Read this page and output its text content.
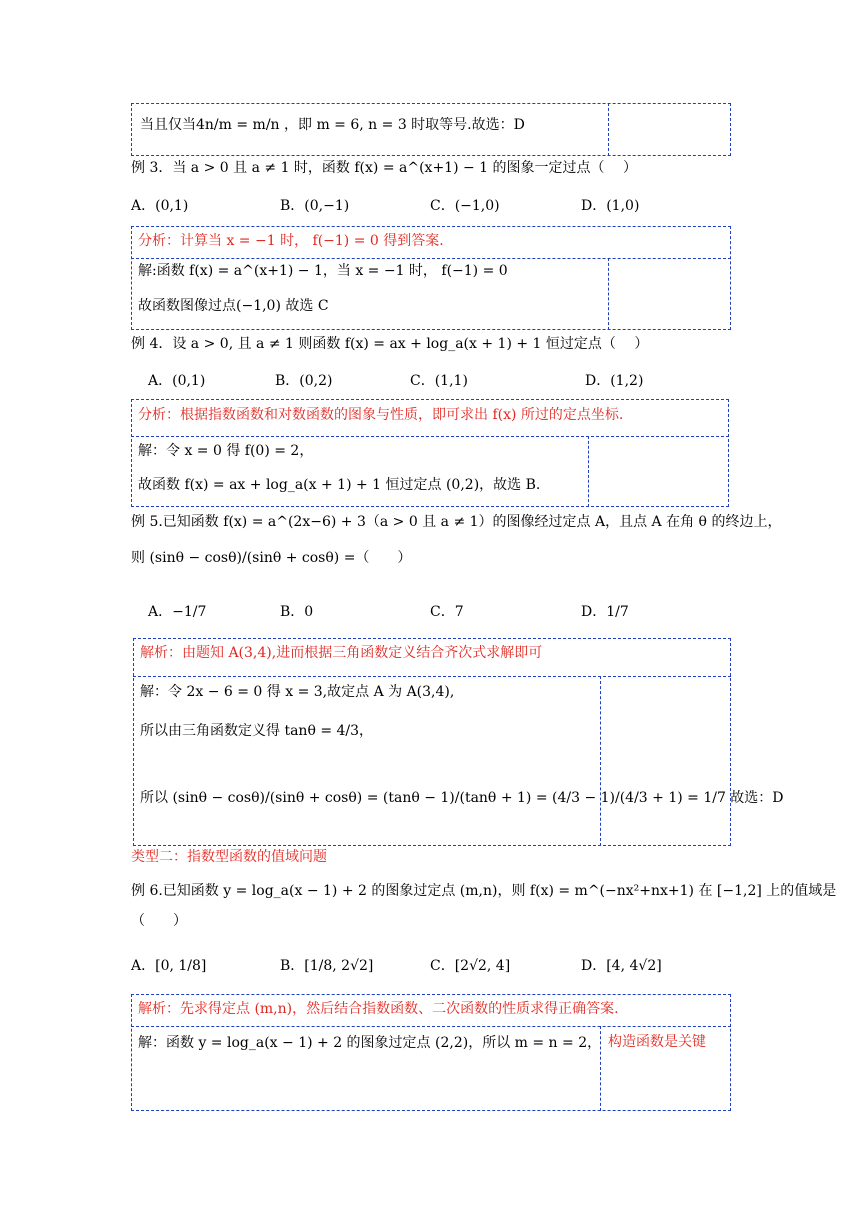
当且仅当4n/m = m/n ，即 m = 6, n = 3 时取等号.故选：D
例 3．当 a > 0 且 a ≠ 1 时，函数 f(x) = a^(x+1) − 1 的图象一定过点（　 ）
A．(0,1)	B．(0,−1)	C．(−1,0)	D．(1,0)
分析：计算当 x = −1 时， f(−1) = 0 得到答案.
解:函数 f(x) = a^(x+1) − 1，当 x = −1 时， f(−1) = 0
故函数图像过点(−1,0) 故选 C
例 4．设 a > 0, 且 a ≠ 1 则函数 f(x) = ax + log_a(x + 1) + 1 恒过定点（　 ）
A．(0,1)	B．(0,2)	C．(1,1)	D．(1,2)
分析：根据指数函数和对数函数的图象与性质，即可求出 f(x) 所过的定点坐标.
解：令 x = 0 得 f(0) = 2，
故函数 f(x) = ax + log_a(x + 1) + 1 恒过定点 (0,2)，故选 B.
例 5.已知函数 f(x) = a^(2x−6) + 3（a > 0 且 a ≠ 1）的图像经过定点 A，且点 A 在角 θ 的终边上，
则 (sinθ − cosθ)/(sinθ + cosθ) =（　　）
A．−1/7	B．0	C．7	D．1/7
解析：由题知 A(3,4),进而根据三角函数定义结合齐次式求解即可
解：令 2x − 6 = 0 得 x = 3,故定点 A 为 A(3,4),
所以由三角函数定义得 tanθ = 4/3，
所以 (sinθ − cosθ)/(sinθ + cosθ) = (tanθ − 1)/(tanθ + 1) = (4/3 − 1)/(4/3 + 1) = 1/7 故选：D
类型二：指数型函数的值域问题
例 6.已知函数 y = log_a(x − 1) + 2 的图象过定点 (m,n)，则 f(x) = m^(−nx²+nx+1) 在 [−1,2] 上的值域是
（　　）
A．[0, 1/8]	B．[1/8, 2√2]	C．[2√2, 4]	D．[4, 4√2]
解析：先求得定点 (m,n)，然后结合指数函数、二次函数的性质求得正确答案.
解：函数 y = log_a(x − 1) + 2 的图象过定点 (2,2)，所以 m = n = 2， 构造函数是关键
